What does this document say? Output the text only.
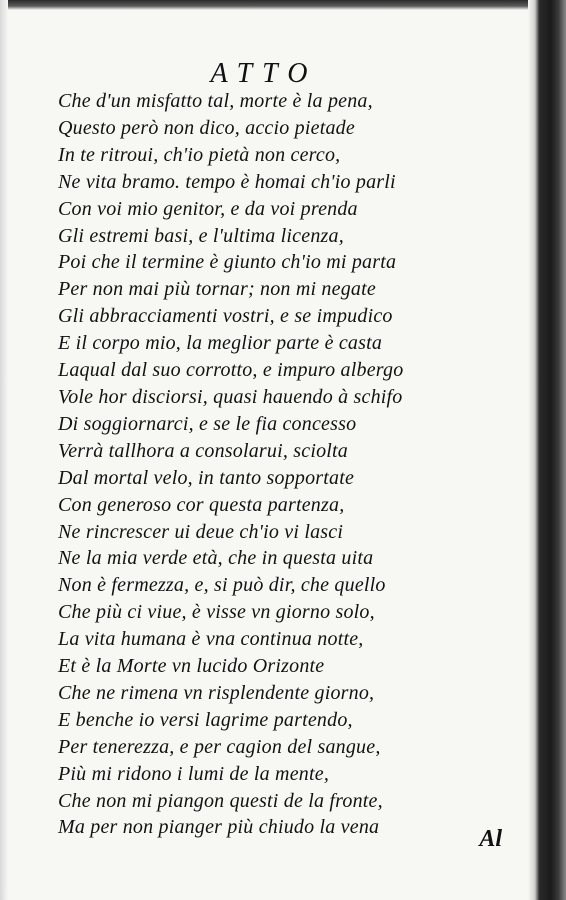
ATTO
Che d'un misfatto tal, morte è la pena,
Questo però non dico, accio pietade
In te ritroui, ch'io pietà non cerco,
Ne vita bramo. tempo è homai ch'io parli
Con voi mio genitor, e da voi prenda
Gli estremi basi, e l'ultima licenza,
Poi che il termine è giunto ch'io mi parta
Per non mai più tornar; non mi negate
Gli abbracciamenti vostri, e se impudico
E il corpo mio, la meglior parte è casta
Laqual dal suo corrotto, e impuro albergo
Vole hor disciorsi, quasi hauendo à schifo
Di soggiornarci, e se le fia concesso
Verrà tallhora a consolarui, sciolta
Dal mortal velo, in tanto sopportate
Con generoso cor questa partenza,
Ne rincrescer ui deue ch'io vi lasci
Ne la mia verde età, che in questa uita
Non è fermezza, e, si può dir, che quello
Che più ci viue, è visse vn giorno solo,
La vita humana è vna continua notte,
Et è la Morte vn lucido Orizonte
Che ne rimena vn risplendente giorno,
E benche io versi lagrime partendo,
Per tenerezza, e per cagion del sangue,
Più mi ridono i lumi de la mente,
Che non mi piangon questi de la fronte,
Ma per non pianger più chiudo la vena	Al
